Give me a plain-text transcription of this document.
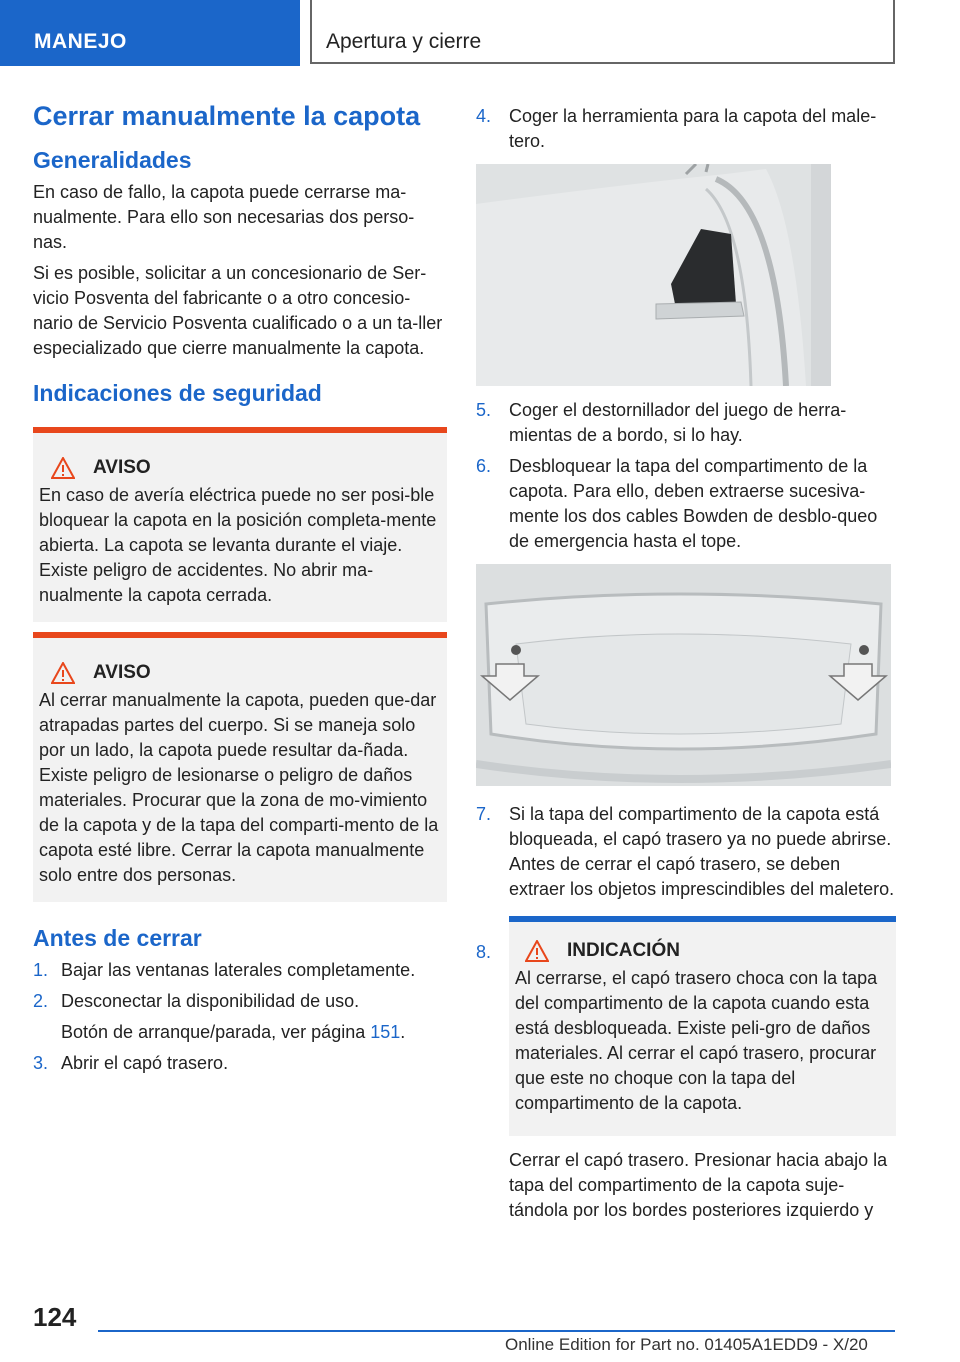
MANEJO	Apertura y cierre
Cerrar manualmente la capota
Generalidades

En caso de fallo, la capota puede cerrarse ma-nualmente. Para ello son necesarias dos perso-nas.

Si es posible, solicitar a un concesionario de Ser-vicio Posventa del fabricante o a otro concesio-nario de Servicio Posventa cualificado o a un ta-ller especializado que cierre manualmente la capota.

Indicaciones de seguridad
AVISO

En caso de avería eléctrica puede no ser posi-ble bloquear la capota en la posición completa-mente abierta. La capota se levanta durante el viaje. Existe peligro de accidentes. No abrir ma-nualmente la capota cerrada.

AVISO

Al cerrar manualmente la capota, pueden que-dar atrapadas partes del cuerpo. Si se maneja solo por un lado, la capota puede resultar da-ñada. Existe peligro de lesionarse o peligro de daños materiales. Procurar que la zona de mo-vimiento de la capota y de la tapa del comparti-mento de la capota esté libre. Cerrar la capota manualmente solo entre dos personas.

Antes de cerrar
1. Bajar las ventanas laterales completamente.
2. Desconectar la disponibilidad de uso.
Botón de arranque/parada, ver página 151.
3. Abrir el capó trasero.
4. Coger la herramienta para la capota del male-tero.
5. Coger el destornillador del juego de herra-mientas de a bordo, si lo hay.
6. Desbloquear la tapa del compartimento de la capota. Para ello, deben extraerse sucesiva-mente los dos cables Bowden de desblo-queo de emergencia hasta el tope.
7. Si la tapa del compartimento de la capota está bloqueada, el capó trasero ya no puede abrirse. Antes de cerrar el capó trasero, se deben extraer los objetos imprescindibles del maletero.
8.	INDICACIÓN

Al cerrarse, el capó trasero choca con la tapa del compartimento de la capota cuando esta está desbloqueada. Existe peli-gro de daños materiales. Al cerrar el capó trasero, procurar que este no choque con la tapa del compartimento de la capota.

Cerrar el capó trasero. Presionar hacia abajo la tapa del compartimento de la capota suje-tándola por los bordes posteriores izquierdo y

124
Online Edition for Part no. 01405A1EDD9 - X/20
